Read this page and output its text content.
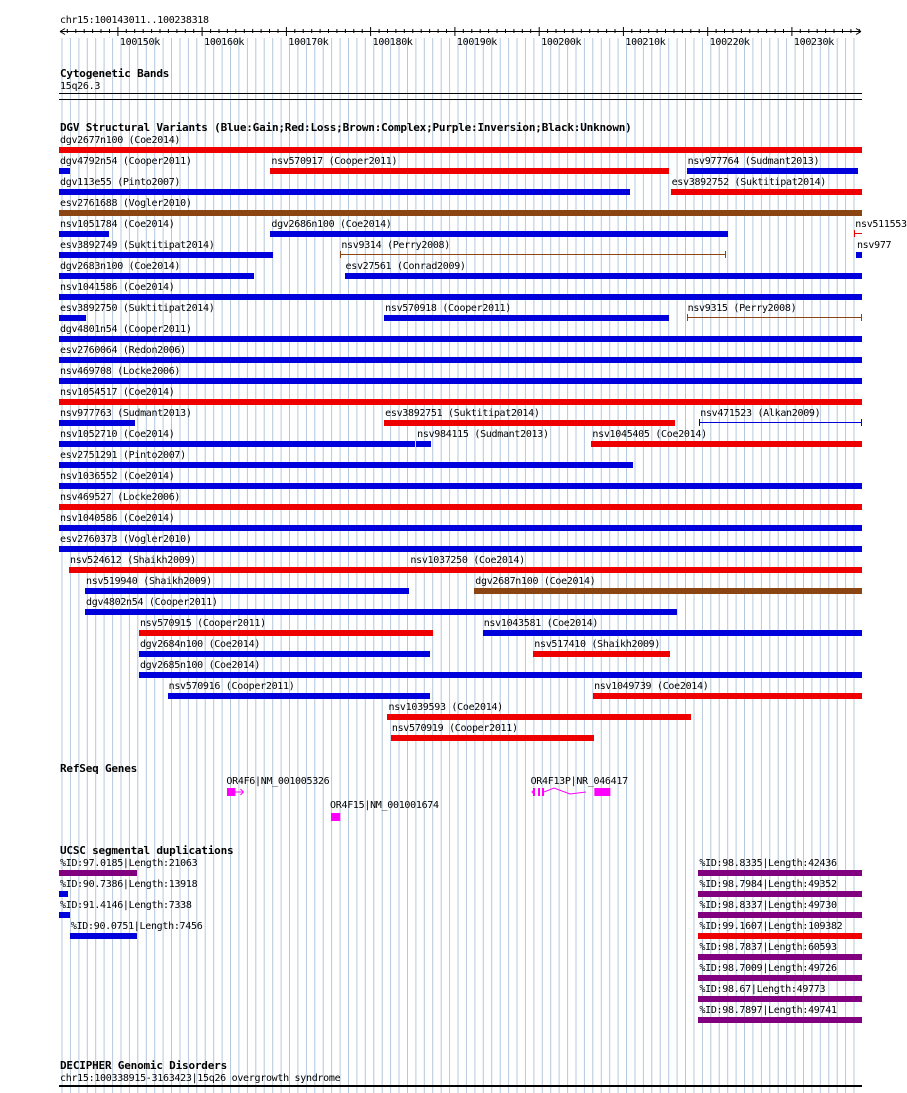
chr15:100143011..100238318
100150k	100160k	100170k	100180k	100190k	100200k	100210k	100220k	100230k
Cytogenetic Bands
15q26.3
DGV Structural Variants (Blue:Gain;Red:Loss;Brown:Complex;Purple:Inversion;Black:Unknown)
dgv2677n100 (Coe2014)
dgv4792n54 (Cooper2011)	nsv570917 (Cooper2011)	nsv977764 (Sudmant2013)
dgv113e55 (Pinto2007)	esv3892752 (Suktitipat2014)
esv2761688 (Vogler2010)
nsv1051784 (Coe2014)	dgv2686n100 (Coe2014)	nsv511553
esv3892749 (Suktitipat2014)	nsv9314 (Perry2008)	nsv977
dgv2683n100 (Coe2014)	esv27561 (Conrad2009)
nsv1041586 (Coe2014)
esv3892750 (Suktitipat2014)	nsv570918 (Cooper2011)	nsv9315 (Perry2008)
dgv4801n54 (Cooper2011)
esv2760064 (Redon2006)
nsv469708 (Locke2006)
nsv1054517 (Coe2014)
nsv977763 (Sudmant2013)	esv3892751 (Suktitipat2014)	nsv471523 (Alkan2009)
nsv1052710 (Coe2014)	nsv984115 (Sudmant2013)	nsv1045405 (Coe2014)
esv2751291 (Pinto2007)
nsv1036552 (Coe2014)
nsv469527 (Locke2006)
nsv1040586 (Coe2014)
esv2760373 (Vogler2010)
nsv524612 (Shaikh2009)	nsv1037250 (Coe2014)
nsv519940 (Shaikh2009)	dgv2687n100 (Coe2014)
dgv4802n54 (Cooper2011)
nsv570915 (Cooper2011)	nsv1043581 (Coe2014)
dgv2684n100 (Coe2014)	nsv517410 (Shaikh2009)
dgv2685n100 (Coe2014)
nsv570916 (Cooper2011)	nsv1049739 (Coe2014)
nsv1039593 (Coe2014)
nsv570919 (Cooper2011)
RefSeq Genes
OR4F6|NM_001005326	OR4F13P|NR_046417
OR4F15|NM_001001674
UCSC segmental duplications
%ID:97.0185|Length:21063
%ID:90.7386|Length:13918
%ID:91.4146|Length:7338
%ID:90.0751|Length:7456
%ID:98.8335|Length:42436
%ID:98.7984|Length:49352
%ID:98.8337|Length:49730
%ID:99.1607|Length:109382
%ID:98.7837|Length:60593
%ID:98.7009|Length:49726
%ID:98.67|Length:49773
%ID:98.7897|Length:49741
DECIPHER Genomic Disorders
chr15:100338915-3163423|15q26 overgrowth syndrome
